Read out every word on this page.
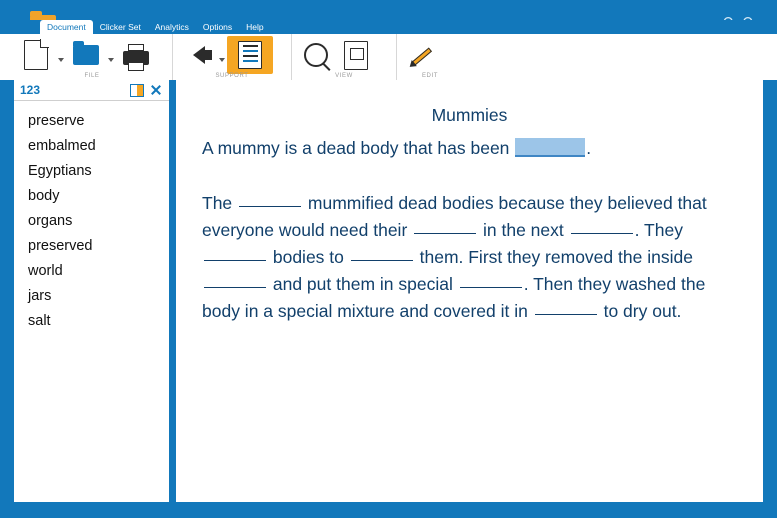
Document	Clicker Set	Analytics	Options	Help
FILE	SUPPORT	VIEW	EDIT
123
preserve
embalmed
Egyptians
body
organs
preserved
world
jars
salt
Mummies
A mummy is a dead body that has been	.
The	mummified dead bodies because they believed that everyone would need their	in the next	. They  bodies to	them. First they removed the inside  and put them in special	. Then they washed the body in a special mixture and covered it in	to dry out.
